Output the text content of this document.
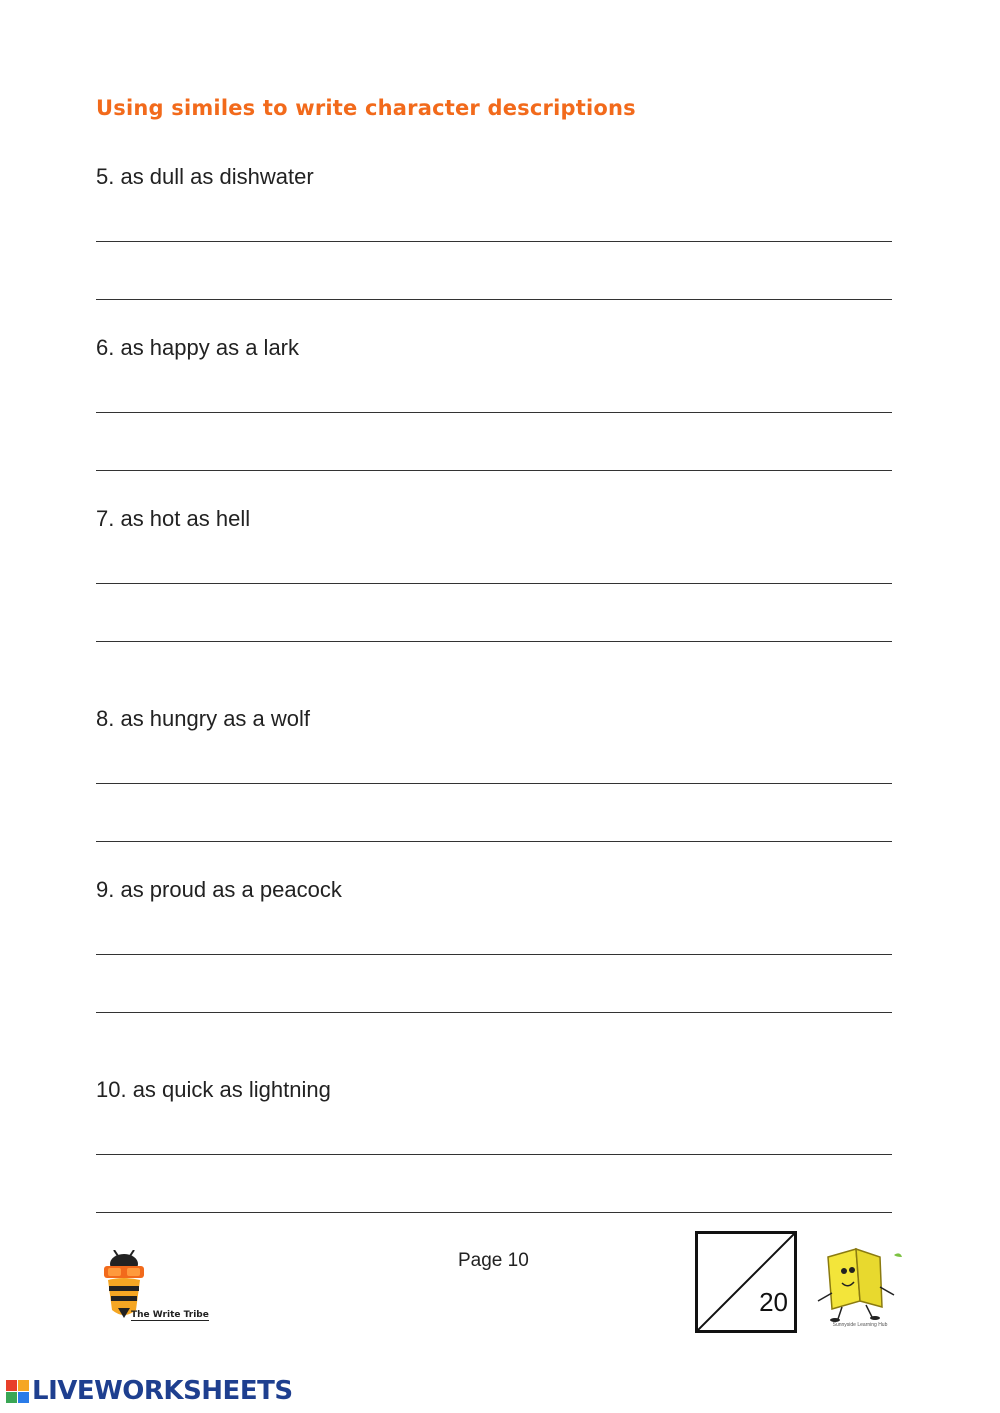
Using similes to write character descriptions
5. as dull as dishwater
6. as happy as a lark
7. as hot as hell
8. as hungry as a wolf
9. as proud as a peacock
10. as quick as lightning
The Write Tribe
Page 10
20
Sunnyside Learning Hub
LIVEWORKSHEETS
